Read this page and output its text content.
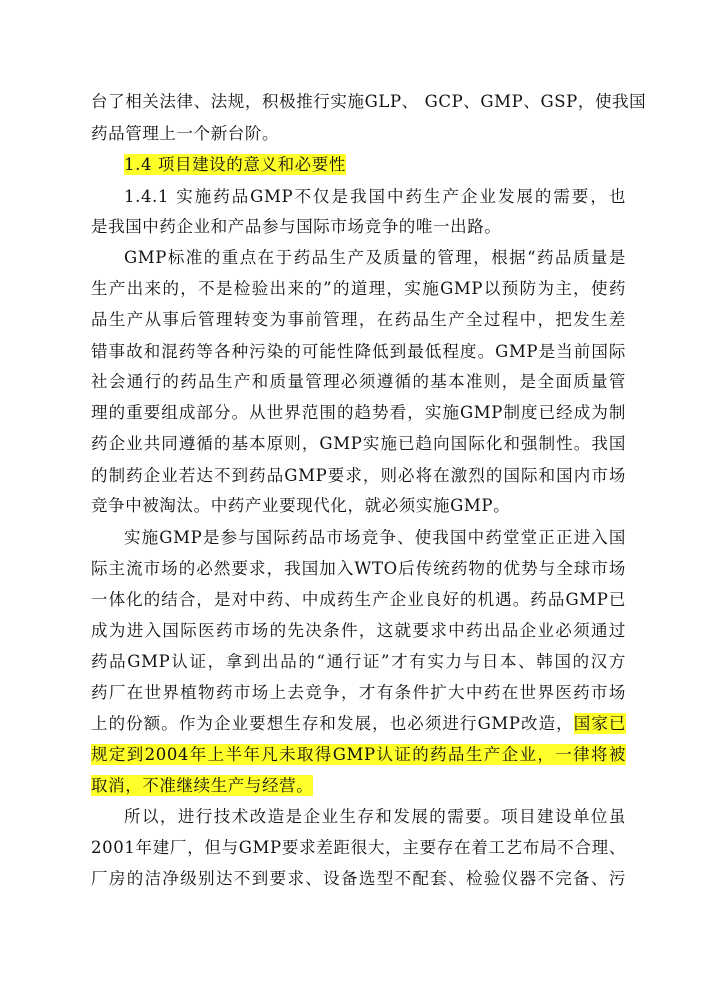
台了相关法律、法规，积极推行实施GLP、 GCP、GMP、GSP，使我国
药品管理上一个新台阶。
1.4 项目建设的意义和必要性
1.4.1 实施药品GMP不仅是我国中药生产企业发展的需要，也
是我国中药企业和产品参与国际市场竞争的唯一出路。
GMP标准的重点在于药品生产及质量的管理，根据“药品质量是
生产出来的，不是检验出来的”的道理，实施GMP以预防为主，使药
品生产从事后管理转变为事前管理，在药品生产全过程中，把发生差
错事故和混药等各种污染的可能性降低到最低程度。GMP是当前国际
社会通行的药品生产和质量管理必须遵循的基本准则，是全面质量管
理的重要组成部分。从世界范围的趋势看，实施GMP制度已经成为制
药企业共同遵循的基本原则，GMP实施已趋向国际化和强制性。我国
的制药企业若达不到药品GMP要求，则必将在激烈的国际和国内市场
竞争中被淘汰。中药产业要现代化，就必须实施GMP。
实施GMP是参与国际药品市场竞争、使我国中药堂堂正正进入国
际主流市场的必然要求，我国加入WTO后传统药物的优势与全球市场
一体化的结合，是对中药、中成药生产企业良好的机遇。药品GMP已
成为进入国际医药市场的先决条件，这就要求中药出品企业必须通过
药品GMP认证，拿到出品的“通行证”才有实力与日本、韩国的汉方
药厂在世界植物药市场上去竞争，才有条件扩大中药在世界医药市场
上的份额。作为企业要想生存和发展，也必须进行GMP改造，国家已
规定到2004年上半年凡未取得GMP认证的药品生产企业，一律将被
取消，不准继续生产与经营。
所以，进行技术改造是企业生存和发展的需要。项目建设单位虽
2001年建厂，但与GMP要求差距很大，主要存在着工艺布局不合理、
厂房的洁净级别达不到要求、设备选型不配套、检验仪器不完备、污
